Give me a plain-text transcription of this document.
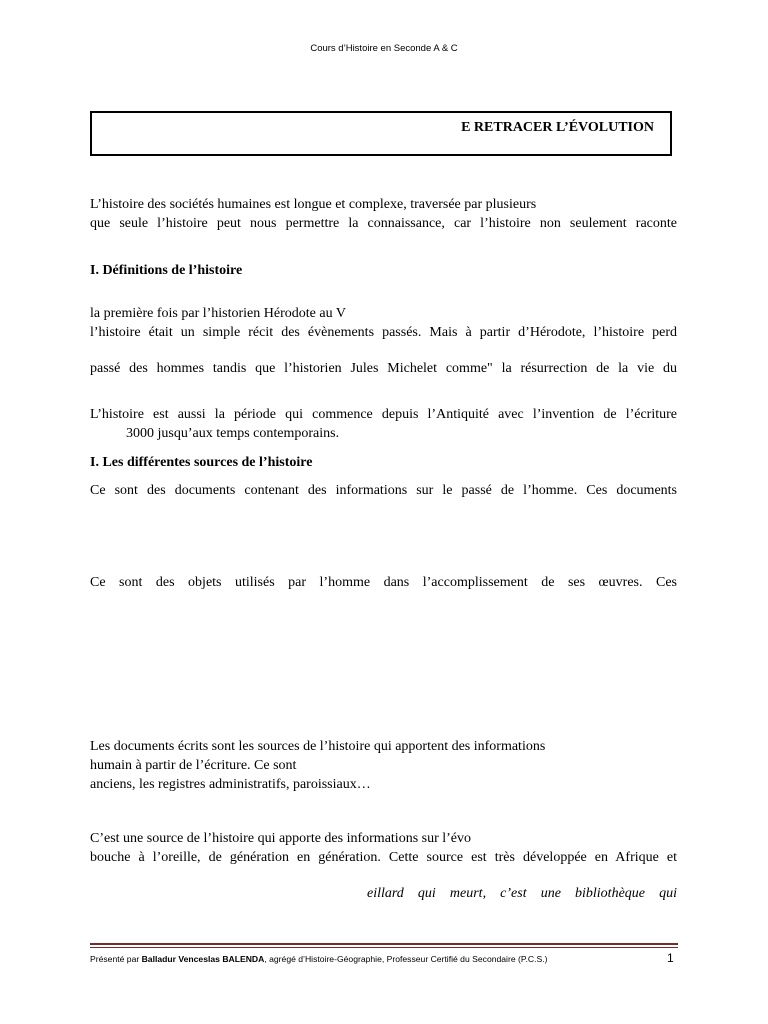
Cours d’Histoire en Seconde A & C
E RETRACER L’ÉVOLUTION
L’histoire des sociétés humaines est longue et complexe, traversée par plusieurs
que seule l’histoire peut nous permettre la connaissance, car l’histoire non seulement raconte
I. Définitions de l’histoire
la première fois par l’historien Hérodote au V
l’histoire était un simple récit des évènements passés. Mais à partir d’Hérodote, l’histoire perd
passé des hommes tandis que l’historien Jules Michelet comme" la résurrection de la vie du
L’histoire est aussi la période qui commence depuis l’Antiquité avec l’invention de l’écriture
3000 jusqu’aux temps contemporains.
I. Les différentes sources de l’histoire
Ce sont des documents contenant des informations sur le passé de l’homme. Ces documents
Ce sont des objets utilisés par l’homme dans l’accomplissement de ses œuvres. Ces
Les documents écrits sont les sources de l’histoire qui apportent des informations
humain à partir de l’écriture. Ce sont
anciens, les registres administratifs, paroissiaux…
C’est une source de l’histoire qui apporte des informations sur l’évo
bouche à l’oreille, de génération en génération. Cette source est très développée en Afrique et
eillard qui meurt, c’est une bibliothèque qui
Présenté par Balladur Venceslas BALENDA, agrégé d’Histoire-Géographie, Professeur Certifié du Secondaire (P.C.S.)	1
